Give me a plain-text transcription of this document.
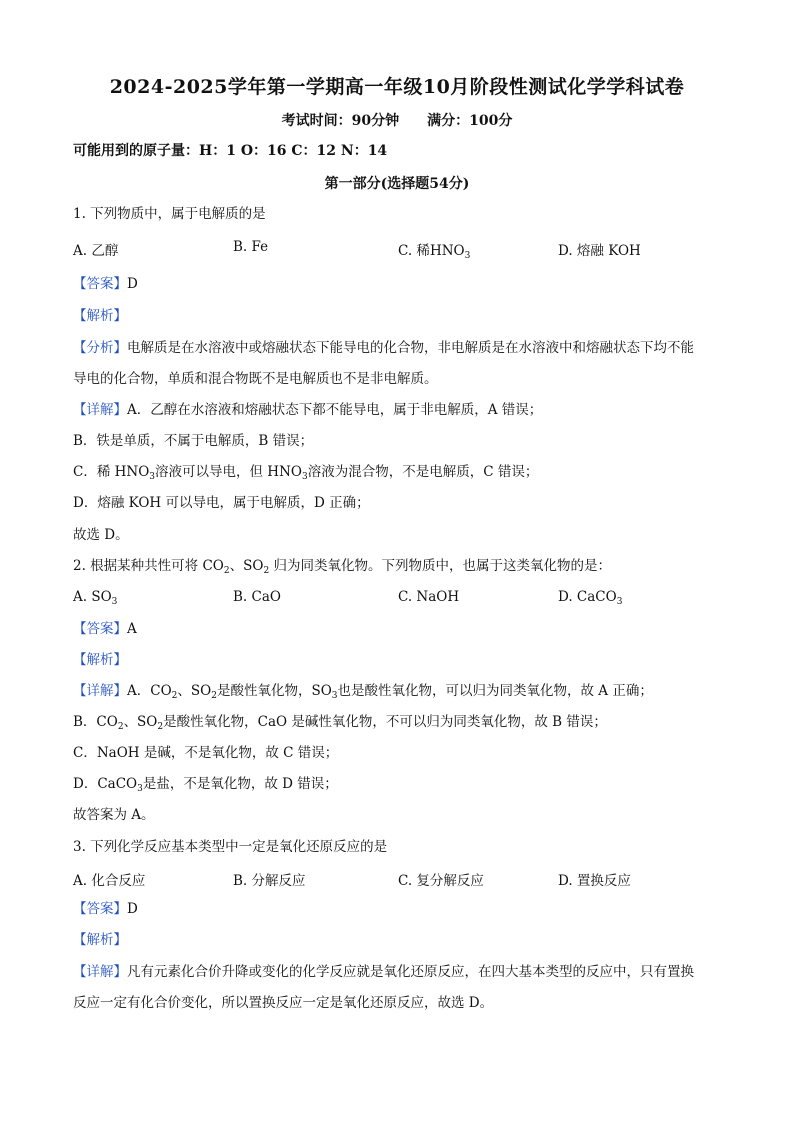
2024-2025学年第一学期高一年级10月阶段性测试化学学科试卷
考试时间：90分钟 满分：100分
可能用到的原子量：H：1 O：16 C：12 N：14
第一部分(选择题54分)
1. 下列物质中，属于电解质的是
A. 乙醇	B. Fe	C. 稀$HNO_3$	D. 熔融 KOH
【答案】D
【解析】
【分析】电解质是在水溶液中或熔融状态下能导电的化合物，非电解质是在水溶液中和熔融状态下均不能
导电的化合物，单质和混合物既不是电解质也不是非电解质。
【详解】A．乙醇在水溶液和熔融状态下都不能导电，属于非电解质，A 错误；
B．铁是单质，不属于电解质，B 错误；
C．稀 $HNO_3$溶液可以导电，但 $HNO_3$溶液为混合物，不是电解质，C 错误；
D．熔融 KOH 可以导电，属于电解质，D 正确；
故选 D。
2. 根据某种共性可将 $CO_2$、$SO_2$ 归为同类氧化物。下列物质中，也属于这类氧化物的是：
A. $SO_3$	B. CaO	C. NaOH	D. CaCO$_3$
【答案】A
【解析】
【详解】A．$CO_2$、$SO_2$是酸性氧化物，$SO_3$也是酸性氧化物，可以归为同类氧化物，故 A 正确；
B．$CO_2$、$SO_2$是酸性氧化物，CaO 是碱性氧化物，不可以归为同类氧化物，故 B 错误；
C．NaOH 是碱，不是氧化物，故 C 错误；
D．CaCO$_3$是盐，不是氧化物，故 D 错误；
故答案为 A。
3. 下列化学反应基本类型中一定是氧化还原反应的是
A. 化合反应	B. 分解反应	C. 复分解反应	D. 置换反应
【答案】D
【解析】
【详解】凡有元素化合价升降或变化的化学反应就是氧化还原反应，在四大基本类型的反应中，只有置换
反应一定有化合价变化，所以置换反应一定是氧化还原反应，故选 D。
